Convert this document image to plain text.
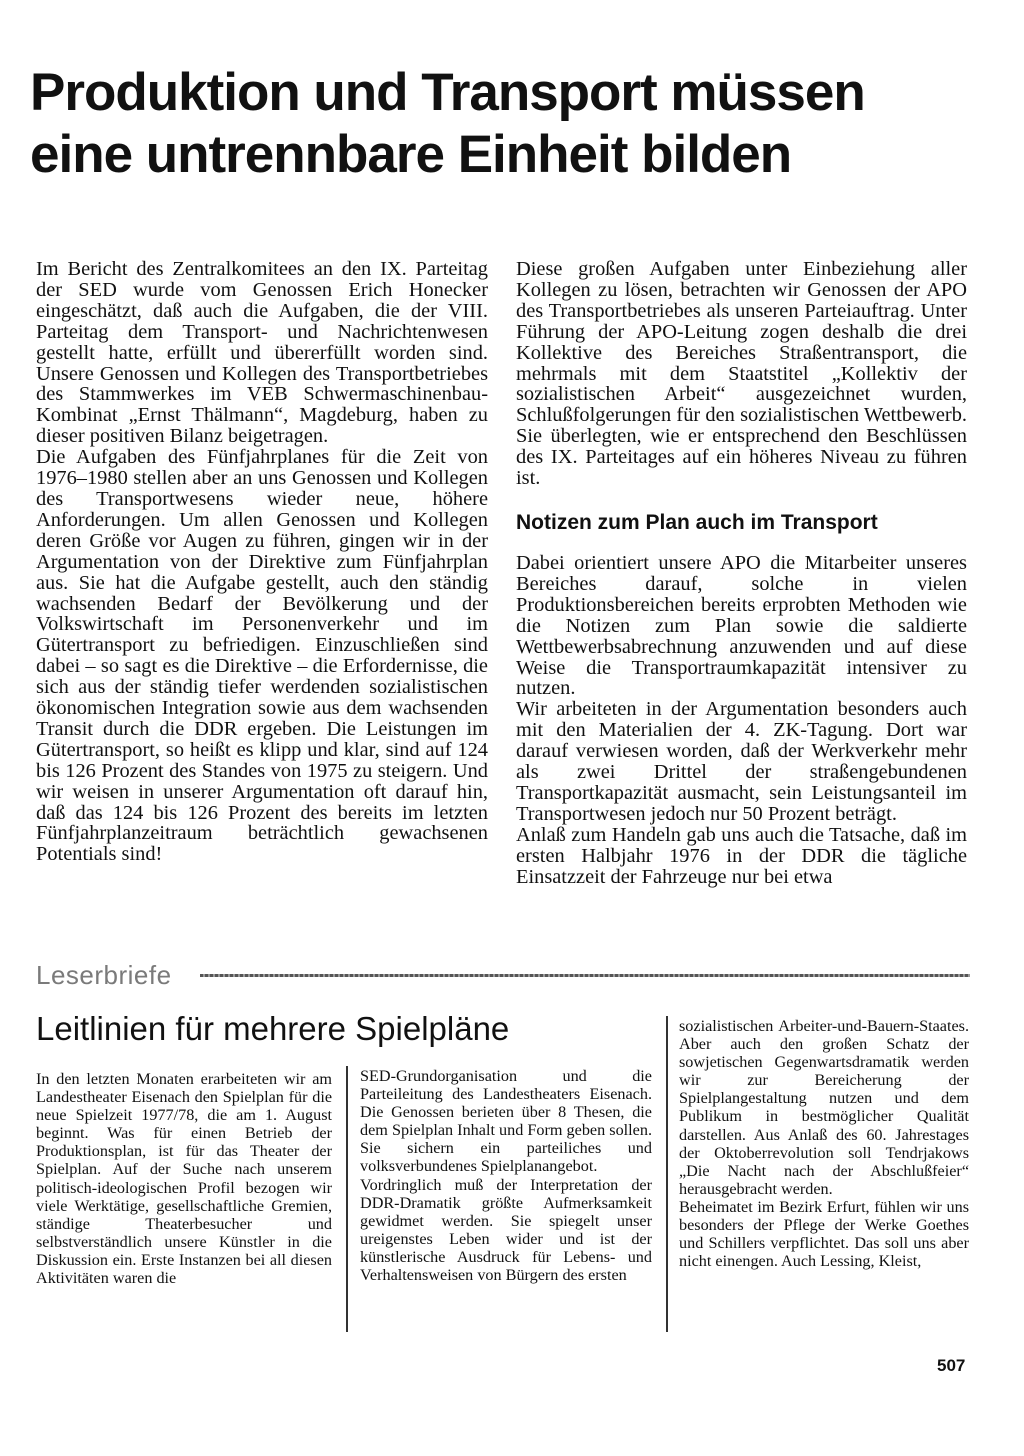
Produktion und Transport müssen
eine untrennbare Einheit bilden

Im Bericht des Zentralkomitees an den IX. Parteitag der SED wurde vom Genossen Erich Honecker eingeschätzt, daß auch die Aufgaben, die der VIII. Parteitag dem Transport- und Nachrichtenwesen gestellt hatte, erfüllt und übererfüllt worden sind. Unsere Genossen und Kollegen des Transportbetriebes des Stammwerkes im VEB Schwermaschinenbau-Kombinat „Ernst Thälmann“, Magdeburg, haben zu dieser positiven Bilanz beigetragen.

Die Aufgaben des Fünfjahrplanes für die Zeit von 1976–1980 stellen aber an uns Genossen und Kollegen des Transportwesens wieder neue, höhere Anforderungen. Um allen Genossen und Kollegen deren Größe vor Augen zu führen, gingen wir in der Argumentation von der Direktive zum Fünfjahrplan aus. Sie hat die Aufgabe gestellt, auch den ständig wachsenden Bedarf der Bevölkerung und der Volkswirtschaft im Personenverkehr und im Gütertransport zu befriedigen. Einzuschließen sind dabei – so sagt es die Direktive – die Erfordernisse, die sich aus der ständig tiefer werdenden sozialistischen ökonomischen Integration sowie aus dem wachsenden Transit durch die DDR ergeben. Die Leistungen im Gütertransport, so heißt es klipp und klar, sind auf 124 bis 126 Prozent des Standes von 1975 zu steigern. Und wir weisen in unserer Argumentation oft darauf hin, daß das 124 bis 126 Prozent des bereits im letzten Fünfjahrplanzeitraum beträchtlich gewachsenen Potentials sind!

Diese großen Aufgaben unter Einbeziehung aller Kollegen zu lösen, betrachten wir Genossen der APO des Transportbetriebes als unseren Parteiauftrag. Unter Führung der APO-Leitung zogen deshalb die drei Kollektive des Bereiches Straßentransport, die mehrmals mit dem Staatstitel „Kollektiv der sozialistischen Arbeit“ ausgezeichnet wurden, Schlußfolgerungen für den sozialistischen Wettbewerb. Sie überlegten, wie er entsprechend den Beschlüssen des IX. Parteitages auf ein höheres Niveau zu führen ist.

Notizen zum Plan auch im Transport

Dabei orientiert unsere APO die Mitarbeiter unseres Bereiches darauf, solche in vielen Produktionsbereichen bereits erprobten Methoden wie die Notizen zum Plan sowie die saldierte Wettbewerbsabrechnung anzuwenden und auf diese Weise die Transportraumkapazität intensiver zu nutzen.

Wir arbeiteten in der Argumentation besonders auch mit den Materialien der 4. ZK-Tagung. Dort war darauf verwiesen worden, daß der Werkverkehr mehr als zwei Drittel der straßengebundenen Transportkapazität ausmacht, sein Leistungsanteil im Transportwesen jedoch nur 50 Prozent beträgt.

Anlaß zum Handeln gab uns auch die Tatsache, daß im ersten Halbjahr 1976 in der DDR die tägliche Einsatzzeit der Fahrzeuge nur bei etwa

Leserbriefe
Leitlinien für mehrere Spielpläne

In den letzten Monaten erarbeiteten wir am Landestheater Eisenach den Spielplan für die neue Spielzeit 1977/78, die am 1. August beginnt. Was für einen Betrieb der Produktionsplan, ist für das Theater der Spielplan. Auf der Suche nach unserem politisch-ideologischen Profil bezogen wir viele Werktätige, gesellschaftliche Gremien, ständige Theaterbesucher und selbstverständlich unsere Künstler in die Diskussion ein. Erste Instanzen bei all diesen Aktivitäten waren die

SED-Grundorganisation und die Parteileitung des Landestheaters Eisenach. Die Genossen berieten über 8 Thesen, die dem Spielplan Inhalt und Form geben sollen. Sie sichern ein parteiliches und volksverbundenes Spielplanangebot.

Vordringlich muß der Interpretation der DDR-Dramatik größte Aufmerksamkeit gewidmet werden. Sie spiegelt unser ureigenstes Leben wider und ist der künstlerische Ausdruck für Lebens- und Verhaltensweisen von Bürgern des ersten

sozialistischen Arbeiter-und-Bauern-Staates. Aber auch den großen Schatz der sowjetischen Gegenwartsdramatik werden wir zur Bereicherung der Spielplangestaltung nutzen und dem Publikum in bestmöglicher Qualität darstellen. Aus Anlaß des 60. Jahrestages der Oktoberrevolution soll Tendrjakows „Die Nacht nach der Abschlußfeier“ herausgebracht werden.

Beheimatet im Bezirk Erfurt, fühlen wir uns besonders der Pflege der Werke Goethes und Schillers verpflichtet. Das soll uns aber nicht einengen. Auch Lessing, Kleist,

507
